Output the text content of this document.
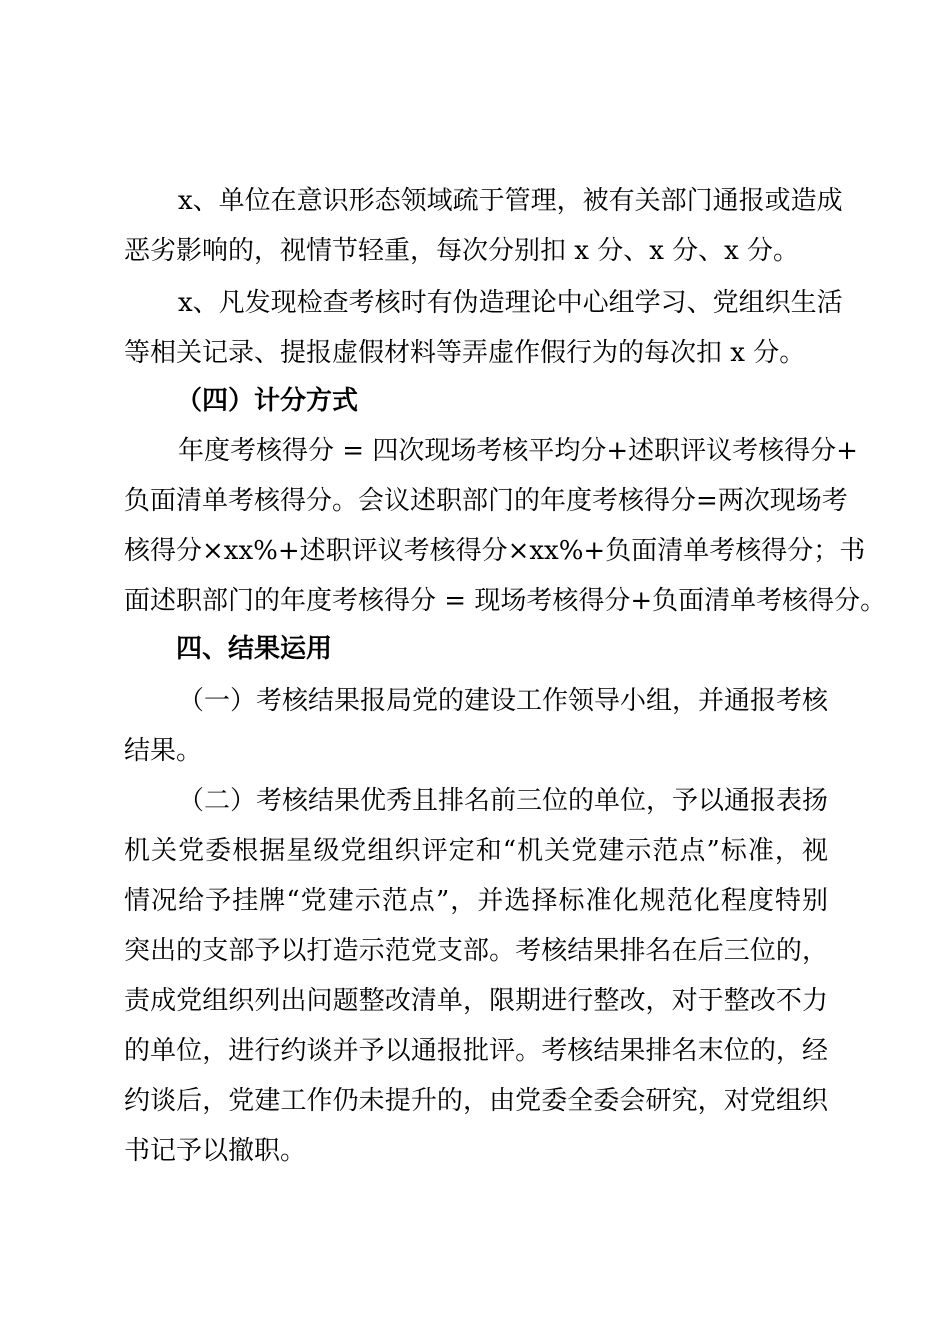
x、单位在意识形态领域疏于管理，被有关部门通报或造成
恶劣影响的，视情节轻重，每次分别扣 x 分、x 分、x 分。
x、凡发现检查考核时有伪造理论中心组学习、党组织生活
等相关记录、提报虚假材料等弄虚作假行为的每次扣 x 分。
（四）计分方式
年度考核得分 = 四次现场考核平均分+述职评议考核得分+
负面清单考核得分。会议述职部门的年度考核得分=两次现场考
核得分×xx%+述职评议考核得分×xx%+负面清单考核得分；书
面述职部门的年度考核得分 = 现场考核得分+负面清单考核得分。
四、结果运用
（一）考核结果报局党的建设工作领导小组，并通报考核
结果。
（二）考核结果优秀且排名前三位的单位，予以通报表扬
机关党委根据星级党组织评定和“机关党建示范点”标准，视
情况给予挂牌“党建示范点”，并选择标准化规范化程度特别
突出的支部予以打造示范党支部。考核结果排名在后三位的，
责成党组织列出问题整改清单，限期进行整改，对于整改不力
的单位，进行约谈并予以通报批评。考核结果排名末位的，经
约谈后，党建工作仍未提升的，由党委全委会研究，对党组织
书记予以撤职。
